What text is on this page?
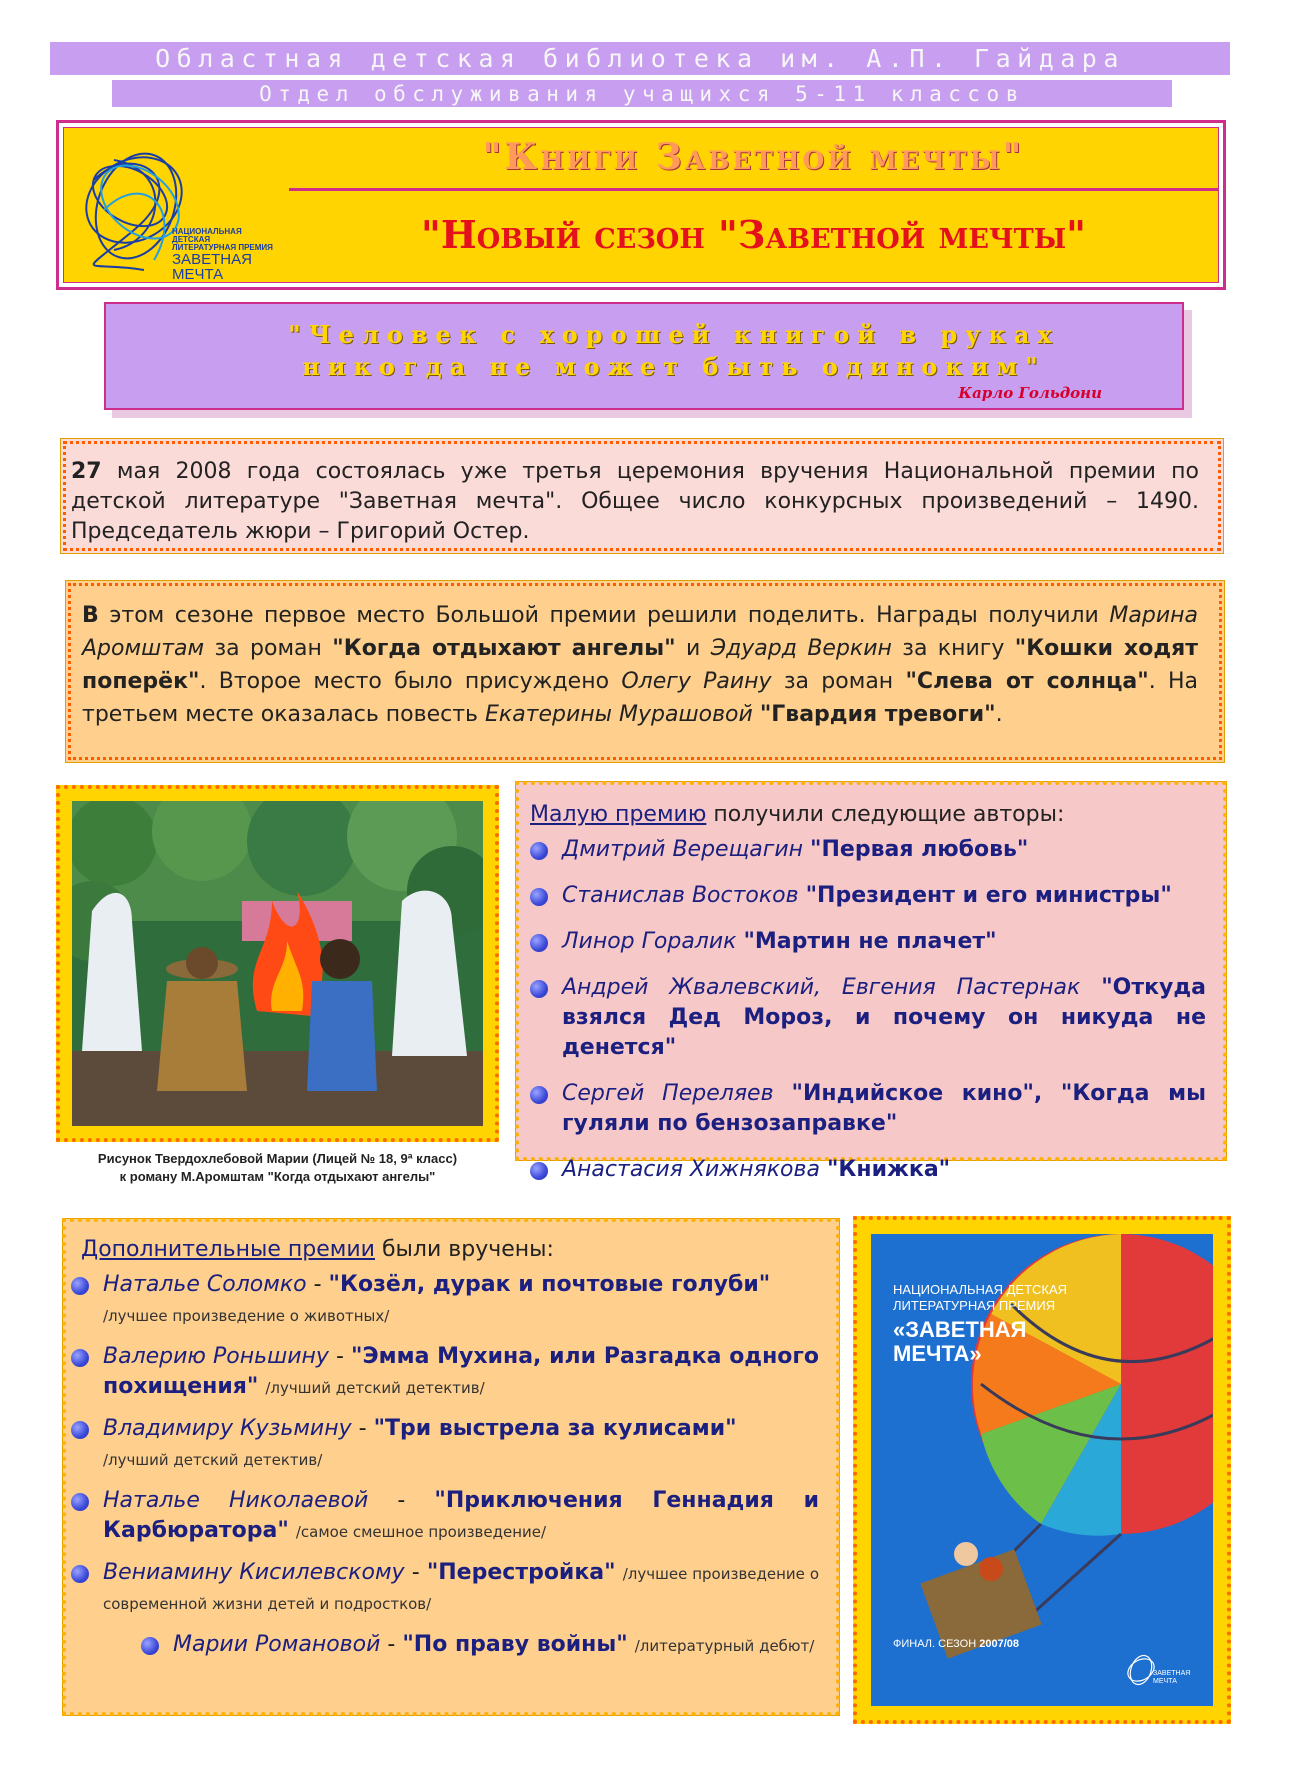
Областная детская библиотека им. А.П. Гайдара
Отдел обслуживания учащихся 5-11 классов
НАЦИОНАЛЬНАЯ ДЕТСКАЯ ЛИТЕРАТУРНАЯ ПРЕМИЯ
ЗАВЕТНАЯ
МЕЧТА
"Книги Заветной мечты"
"Новый сезон "Заветной мечты"
"Человек с хорошей книгой в руках
никогда не может быть одиноким"
Карло Гольдони
27 мая 2008 года состоялась уже третья церемония вручения Национальной премии по детской литературе "Заветная мечта". Общее число конкурсных произведений – 1490. Председатель жюри – Григорий Остер.
В этом сезоне первое место Большой премии решили поделить. Награды получили Марина Аромштам за роман "Когда отдыхают ангелы" и Эдуард Веркин за книгу "Кошки ходят поперёк". Второе место было присуждено Олегу Раину за роман "Слева от солнца". На третьем месте оказалась повесть Екатерины Мурашовой "Гвардия тревоги".
Рисунок Твердохлебовой Марии (Лицей № 18, 9ª класс)
к роману М.Аромштам "Когда отдыхают ангелы"
Малую премию получили следующие авторы:
Дмитрий Верещагин "Первая любовь"
Станислав Востоков "Президент и его министры"
Линор Горалик "Мартин не плачет"
Андрей Жвалевский, Евгения Пастернак "Откуда взялся Дед Мороз, и почему он никуда не денется"
Сергей Переляев "Индийское кино", "Когда мы гуляли по бензозаправке"
Анастасия Хижнякова "Книжка"
Дополнительные премии были вручены:
Наталье Соломко - "Козёл, дурак и почтовые голуби"
/лучшее произведение о животных/
Валерию Роньшину - "Эмма Мухина, или Разгадка одного похищения" /лучший детский детектив/
Владимиру Кузьмину - "Три выстрела за кулисами"
/лучший детский детектив/
Наталье Николаевой - "Приключения Геннадия и Карбюратора" /самое смешное произведение/
Вениамину Кисилевскому - "Перестройка" /лучшее произведение о современной жизни детей и подростков/
Марии Романовой - "По праву войны" /литературный дебют/
НАЦИОНАЛЬНАЯ ДЕТСКАЯ
ЛИТЕРАТУРНАЯ ПРЕМИЯ
«ЗАВЕТНАЯ
МЕЧТА»
ФИНАЛ. СЕЗОН 2007/08
ЗАВЕТНАЯ
МЕЧТА
